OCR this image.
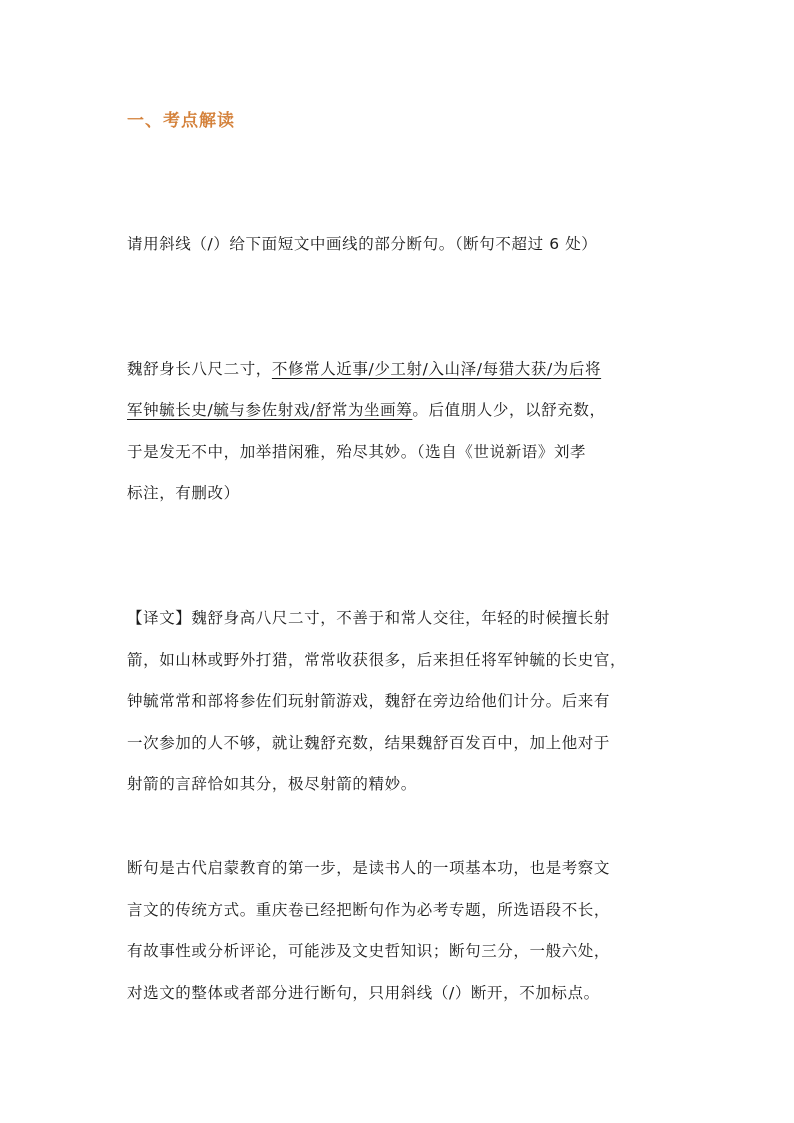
一、考点解读
请用斜线（/）给下面短文中画线的部分断句。（断句不超过 6 处）
魏舒身长八尺二寸，不修常人近事/少工射/入山泽/每猎大获/为后将
军钟毓长史/毓与参佐射戏/舒常为坐画筹。后值朋人少，以舒充数，
于是发无不中，加举措闲雅，殆尽其妙。（选自《世说新语》刘孝
标注，有删改）
【译文】魏舒身高八尺二寸，不善于和常人交往，年轻的时候擅长射
箭，如山林或野外打猎，常常收获很多，后来担任将军钟毓的长史官，
钟毓常常和部将参佐们玩射箭游戏，魏舒在旁边给他们计分。后来有
一次参加的人不够，就让魏舒充数，结果魏舒百发百中，加上他对于
射箭的言辞恰如其分，极尽射箭的精妙。
断句是古代启蒙教育的第一步，是读书人的一项基本功，也是考察文
言文的传统方式。重庆卷已经把断句作为必考专题，所选语段不长，
有故事性或分析评论，可能涉及文史哲知识；断句三分，一般六处，
对选文的整体或者部分进行断句，只用斜线（/）断开，不加标点。
